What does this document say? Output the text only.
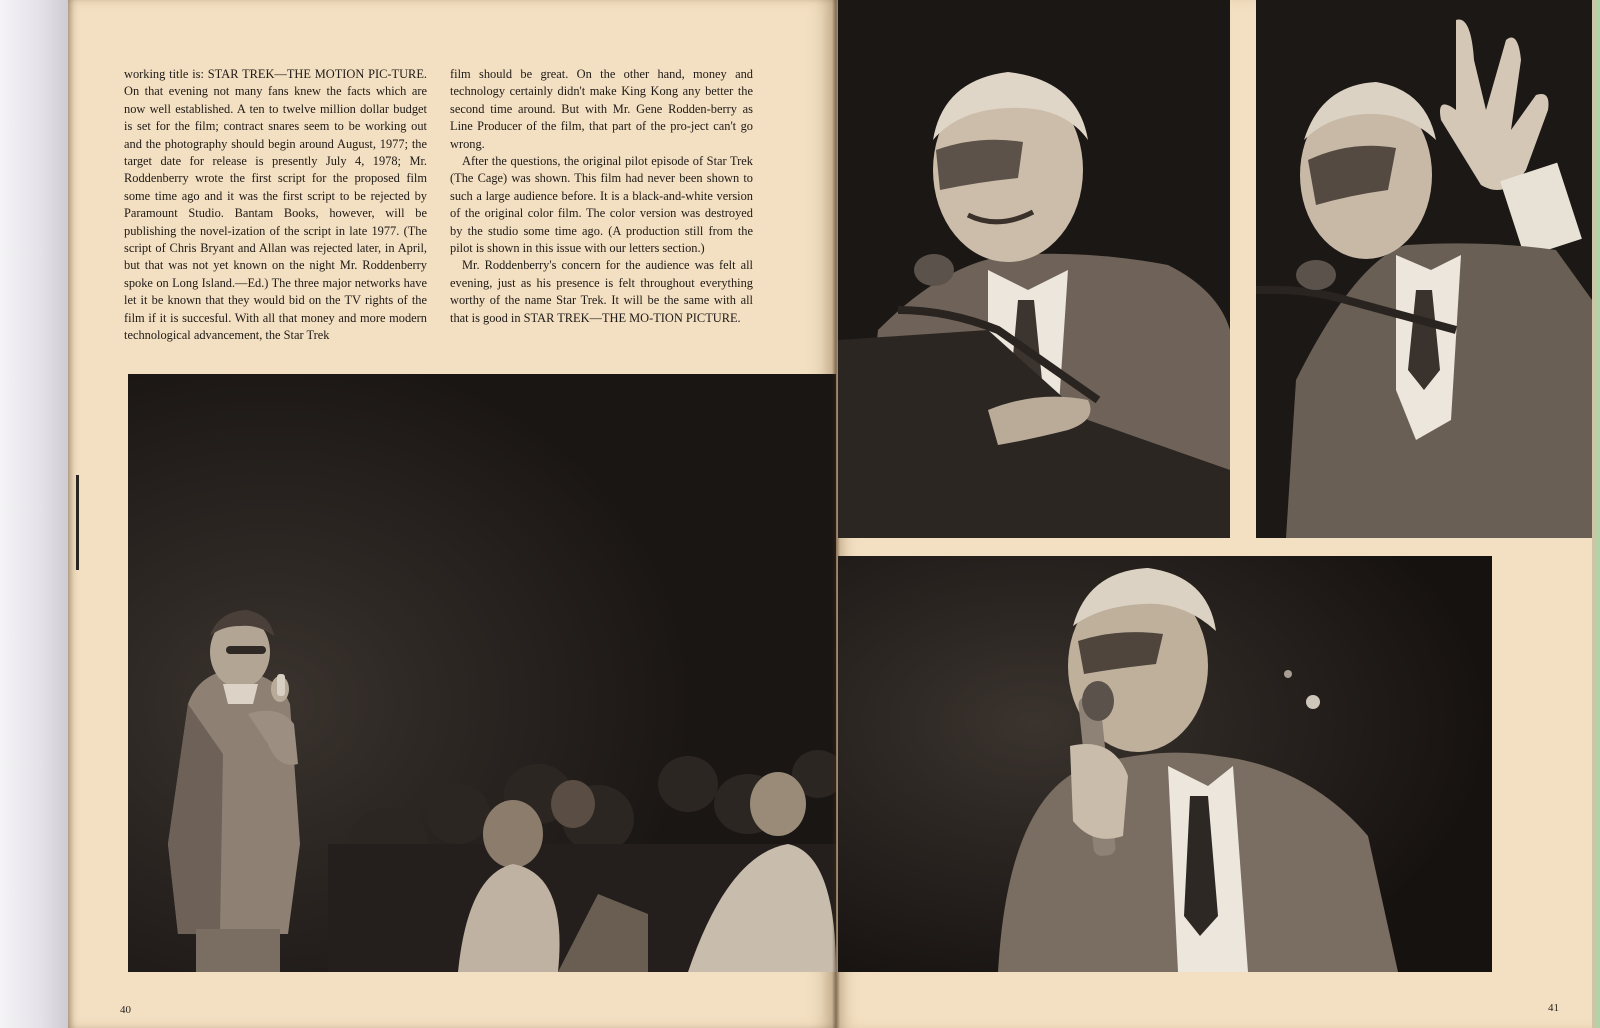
working title is: STAR TREK—THE MOTION PIC-TURE. On that evening not many fans knew the facts which are now well established. A ten to twelve million dollar budget is set for the film; contract snares seem to be working out and the photography should begin around August, 1977; the target date for release is presently July 4, 1978; Mr. Roddenberry wrote the first script for the proposed film some time ago and it was the first script to be rejected by Paramount Studio. Bantam Books, however, will be publishing the novel-ization of the script in late 1977. (The script of Chris Bryant and Allan was rejected later, in April, but that was not yet known on the night Mr. Roddenberry spoke on Long Island.—Ed.) The three major networks have let it be known that they would bid on the TV rights of the film if it is succesful. With all that money and more modern technological advancement, the Star Trek

film should be great. On the other hand, money and technology certainly didn't make King Kong any better the second time around. But with Mr. Gene Rodden-berry as Line Producer of the film, that part of the pro-ject can't go wrong.

After the questions, the original pilot episode of Star Trek (The Cage) was shown. This film had never been shown to such a large audience before. It is a black-and-white version of the original color film. The color version was destroyed by the studio some time ago. (A production still from the pilot is shown in this issue with our letters section.)

Mr. Roddenberry's concern for the audience was felt all evening, just as his presence is felt throughout everything worthy of the name Star Trek. It will be the same with all that is good in STAR TREK—THE MO-TION PICTURE.

40	41
